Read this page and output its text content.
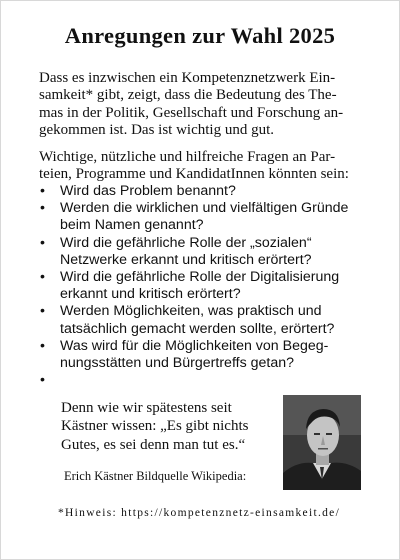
Anregungen zur Wahl 2025
Dass es inzwischen ein Kompetenznetzwerk Ein-
samkeit* gibt, zeigt, dass die Bedeutung des The-
mas in der Politik, Gesellschaft und Forschung an-
gekommen ist. Das ist wichtig und gut.
Wichtige, nützliche und hilfreiche Fragen an Par-
teien, Programme und KandidatInnen könnten sein:
• Wird das Problem benannt?
• Werden die wirklichen und vielfältigen Gründe
beim Namen genannt?
• Wird die gefährliche Rolle der „sozialen“
Netzwerke erkannt und kritisch erörtert?
• Wird die gefährliche Rolle der Digitalisierung
erkannt und kritisch erörtert?
• Werden Möglichkeiten, was praktisch und
tatsächlich gemacht werden sollte, erörtert?
• Was wird für die Möglichkeiten von Begeg-
nungsstätten und Bürgertreffs getan?
•
Denn wie wir spätestens seit
Kästner wissen: „Es gibt nichts
Gutes, es sei denn man tut es.“
Erich Kästner Bildquelle Wikipedia:
*Hinweis: https://kompetenznetz-einsamkeit.de/
